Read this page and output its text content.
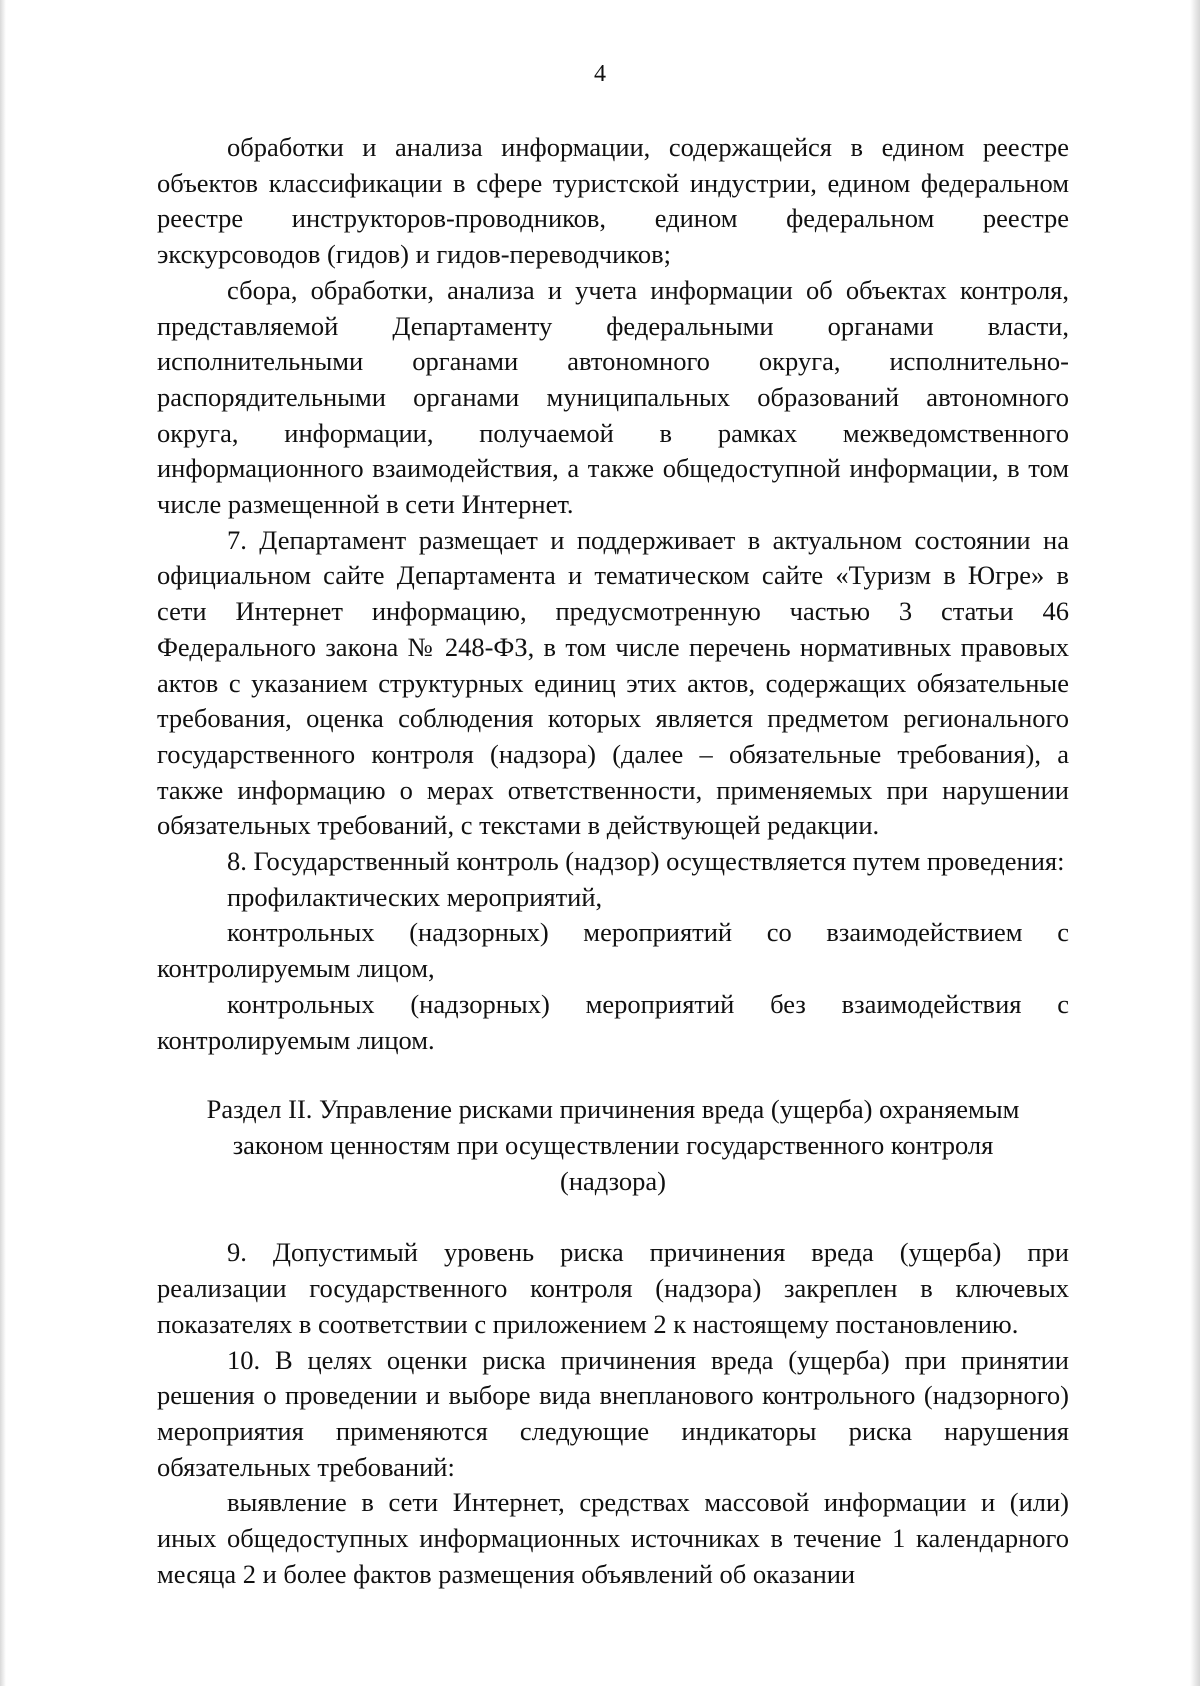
4

обработки и анализа информации, содержащейся в едином реестре объектов классификации в сфере туристской индустрии, едином федеральном реестре инструкторов-проводников, едином федеральном реестре экскурсоводов (гидов) и гидов-переводчиков;

сбора, обработки, анализа и учета информации об объектах контроля, представляемой Департаменту федеральными органами власти, исполнительными органами автономного округа, исполнительно-распорядительными органами муниципальных образований автономного округа, информации, получаемой в рамках межведомственного информационного взаимодействия, а также общедоступной информации, в том числе размещенной в сети Интернет.

7. Департамент размещает и поддерживает в актуальном состоянии на официальном сайте Департамента и тематическом сайте «Туризм в Югре» в сети Интернет информацию, предусмотренную частью 3 статьи 46 Федерального закона № 248-ФЗ, в том числе перечень нормативных правовых актов с указанием структурных единиц этих актов, содержащих обязательные требования, оценка соблюдения которых является предметом регионального государственного контроля (надзора) (далее – обязательные требования), а также информацию о мерах ответственности, применяемых при нарушении обязательных требований, с текстами в действующей редакции.

8. Государственный контроль (надзор) осуществляется путем проведения:

профилактических мероприятий,

контрольных (надзорных) мероприятий со взаимодействием с контролируемым лицом,

контрольных (надзорных) мероприятий без взаимодействия с контролируемым лицом.

Раздел II. Управление рисками причинения вреда (ущерба) охраняемым
законом ценностям при осуществлении государственного контроля
(надзора)

9. Допустимый уровень риска причинения вреда (ущерба) при реализации государственного контроля (надзора) закреплен в ключевых показателях в соответствии с приложением 2 к настоящему постановлению.

10. В целях оценки риска причинения вреда (ущерба) при принятии решения о проведении и выборе вида внепланового контрольного (надзорного) мероприятия применяются следующие индикаторы риска нарушения обязательных требований:

выявление в сети Интернет, средствах массовой информации и (или) иных общедоступных информационных источниках в течение 1 календарного месяца 2 и более фактов размещения объявлений об оказании
